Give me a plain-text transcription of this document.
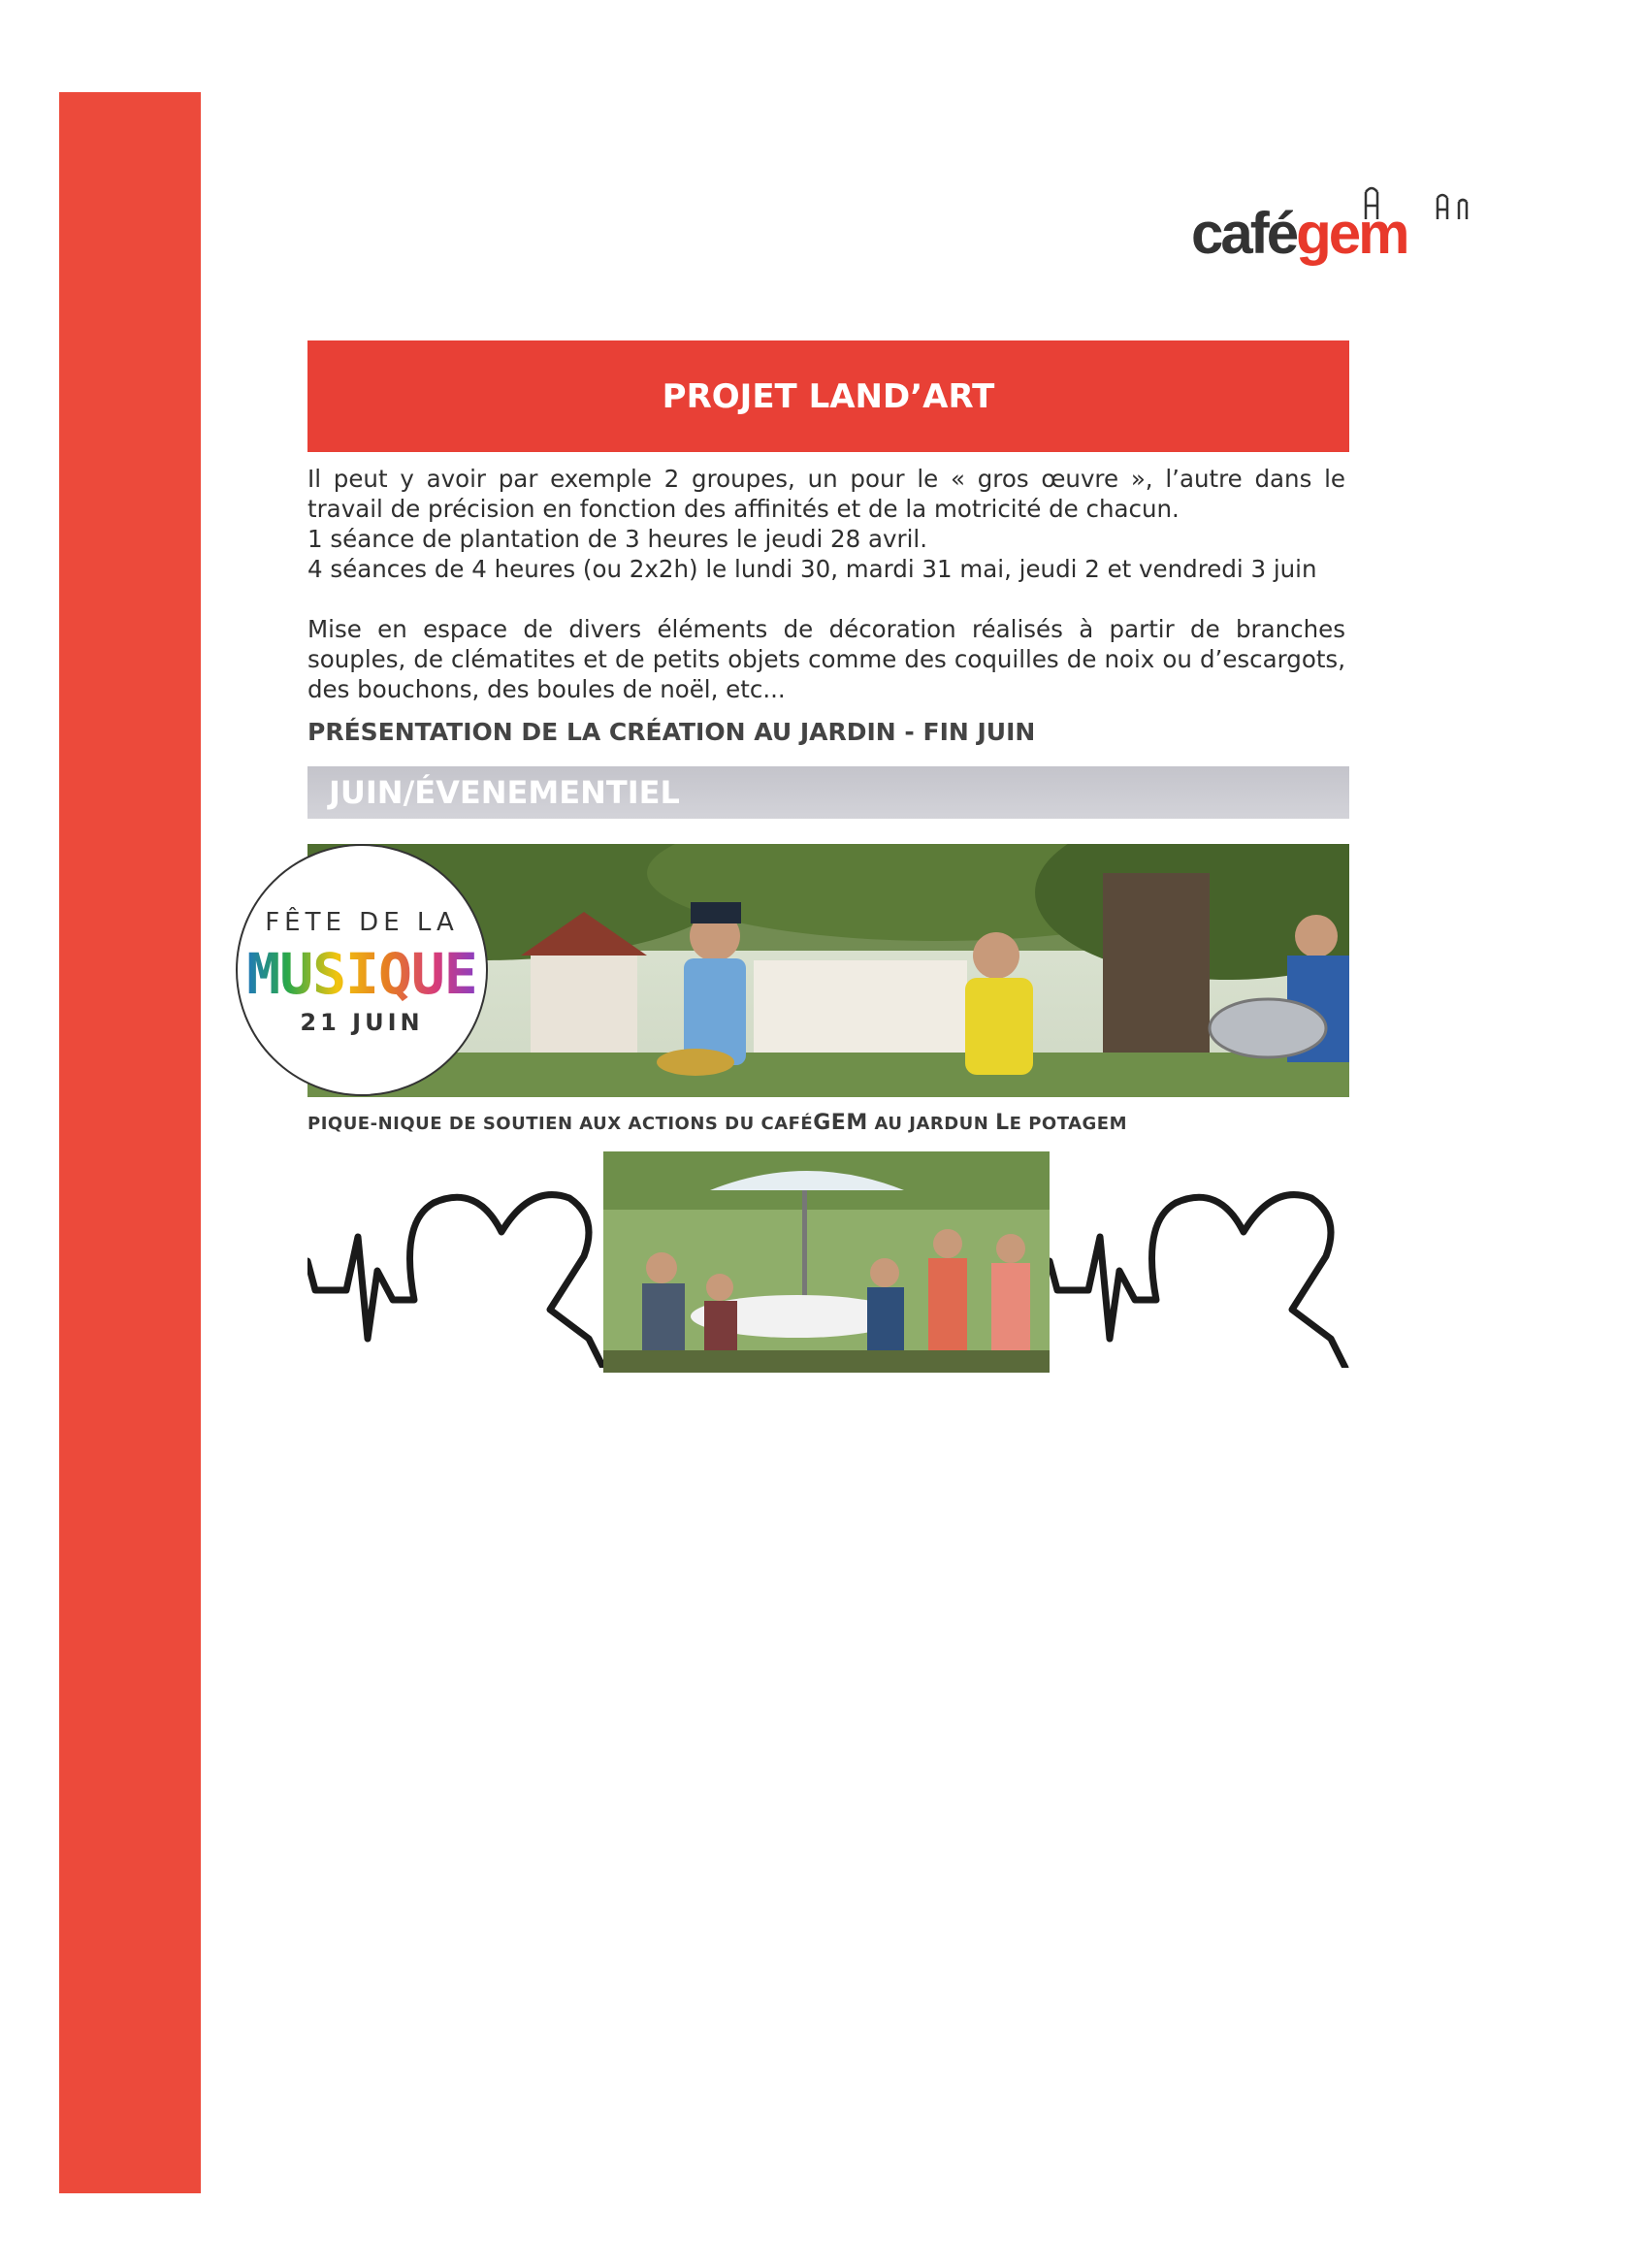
cafégem
PROJET LAND’ART
Il peut y avoir par exemple 2 groupes, un pour le « gros œuvre », l’autre dans le travail de précision en fonction des affinités et de la motricité de chacun.
1 séance de plantation de 3 heures le jeudi 28 avril.
4 séances de 4 heures (ou 2x2h) le lundi 30, mardi 31 mai, jeudi 2 et vendredi 3 juin

Mise en espace de divers éléments de décoration réalisés à partir de branches souples, de clématites et de petits objets comme des coquilles de noix ou d’escargots, des bouchons, des boules de noël, etc...

PRÉSENTATION DE LA CRÉATION AU JARDIN - FIN JUIN
JUIN/ÉVENEMENTIEL
FÊTE DE LA
MUSIQUE
21 JUIN
PIQUE-NIQUE DE SOUTIEN AUX ACTIONS DU CAFÉGEM AU JARDUN LE POTAGEM
